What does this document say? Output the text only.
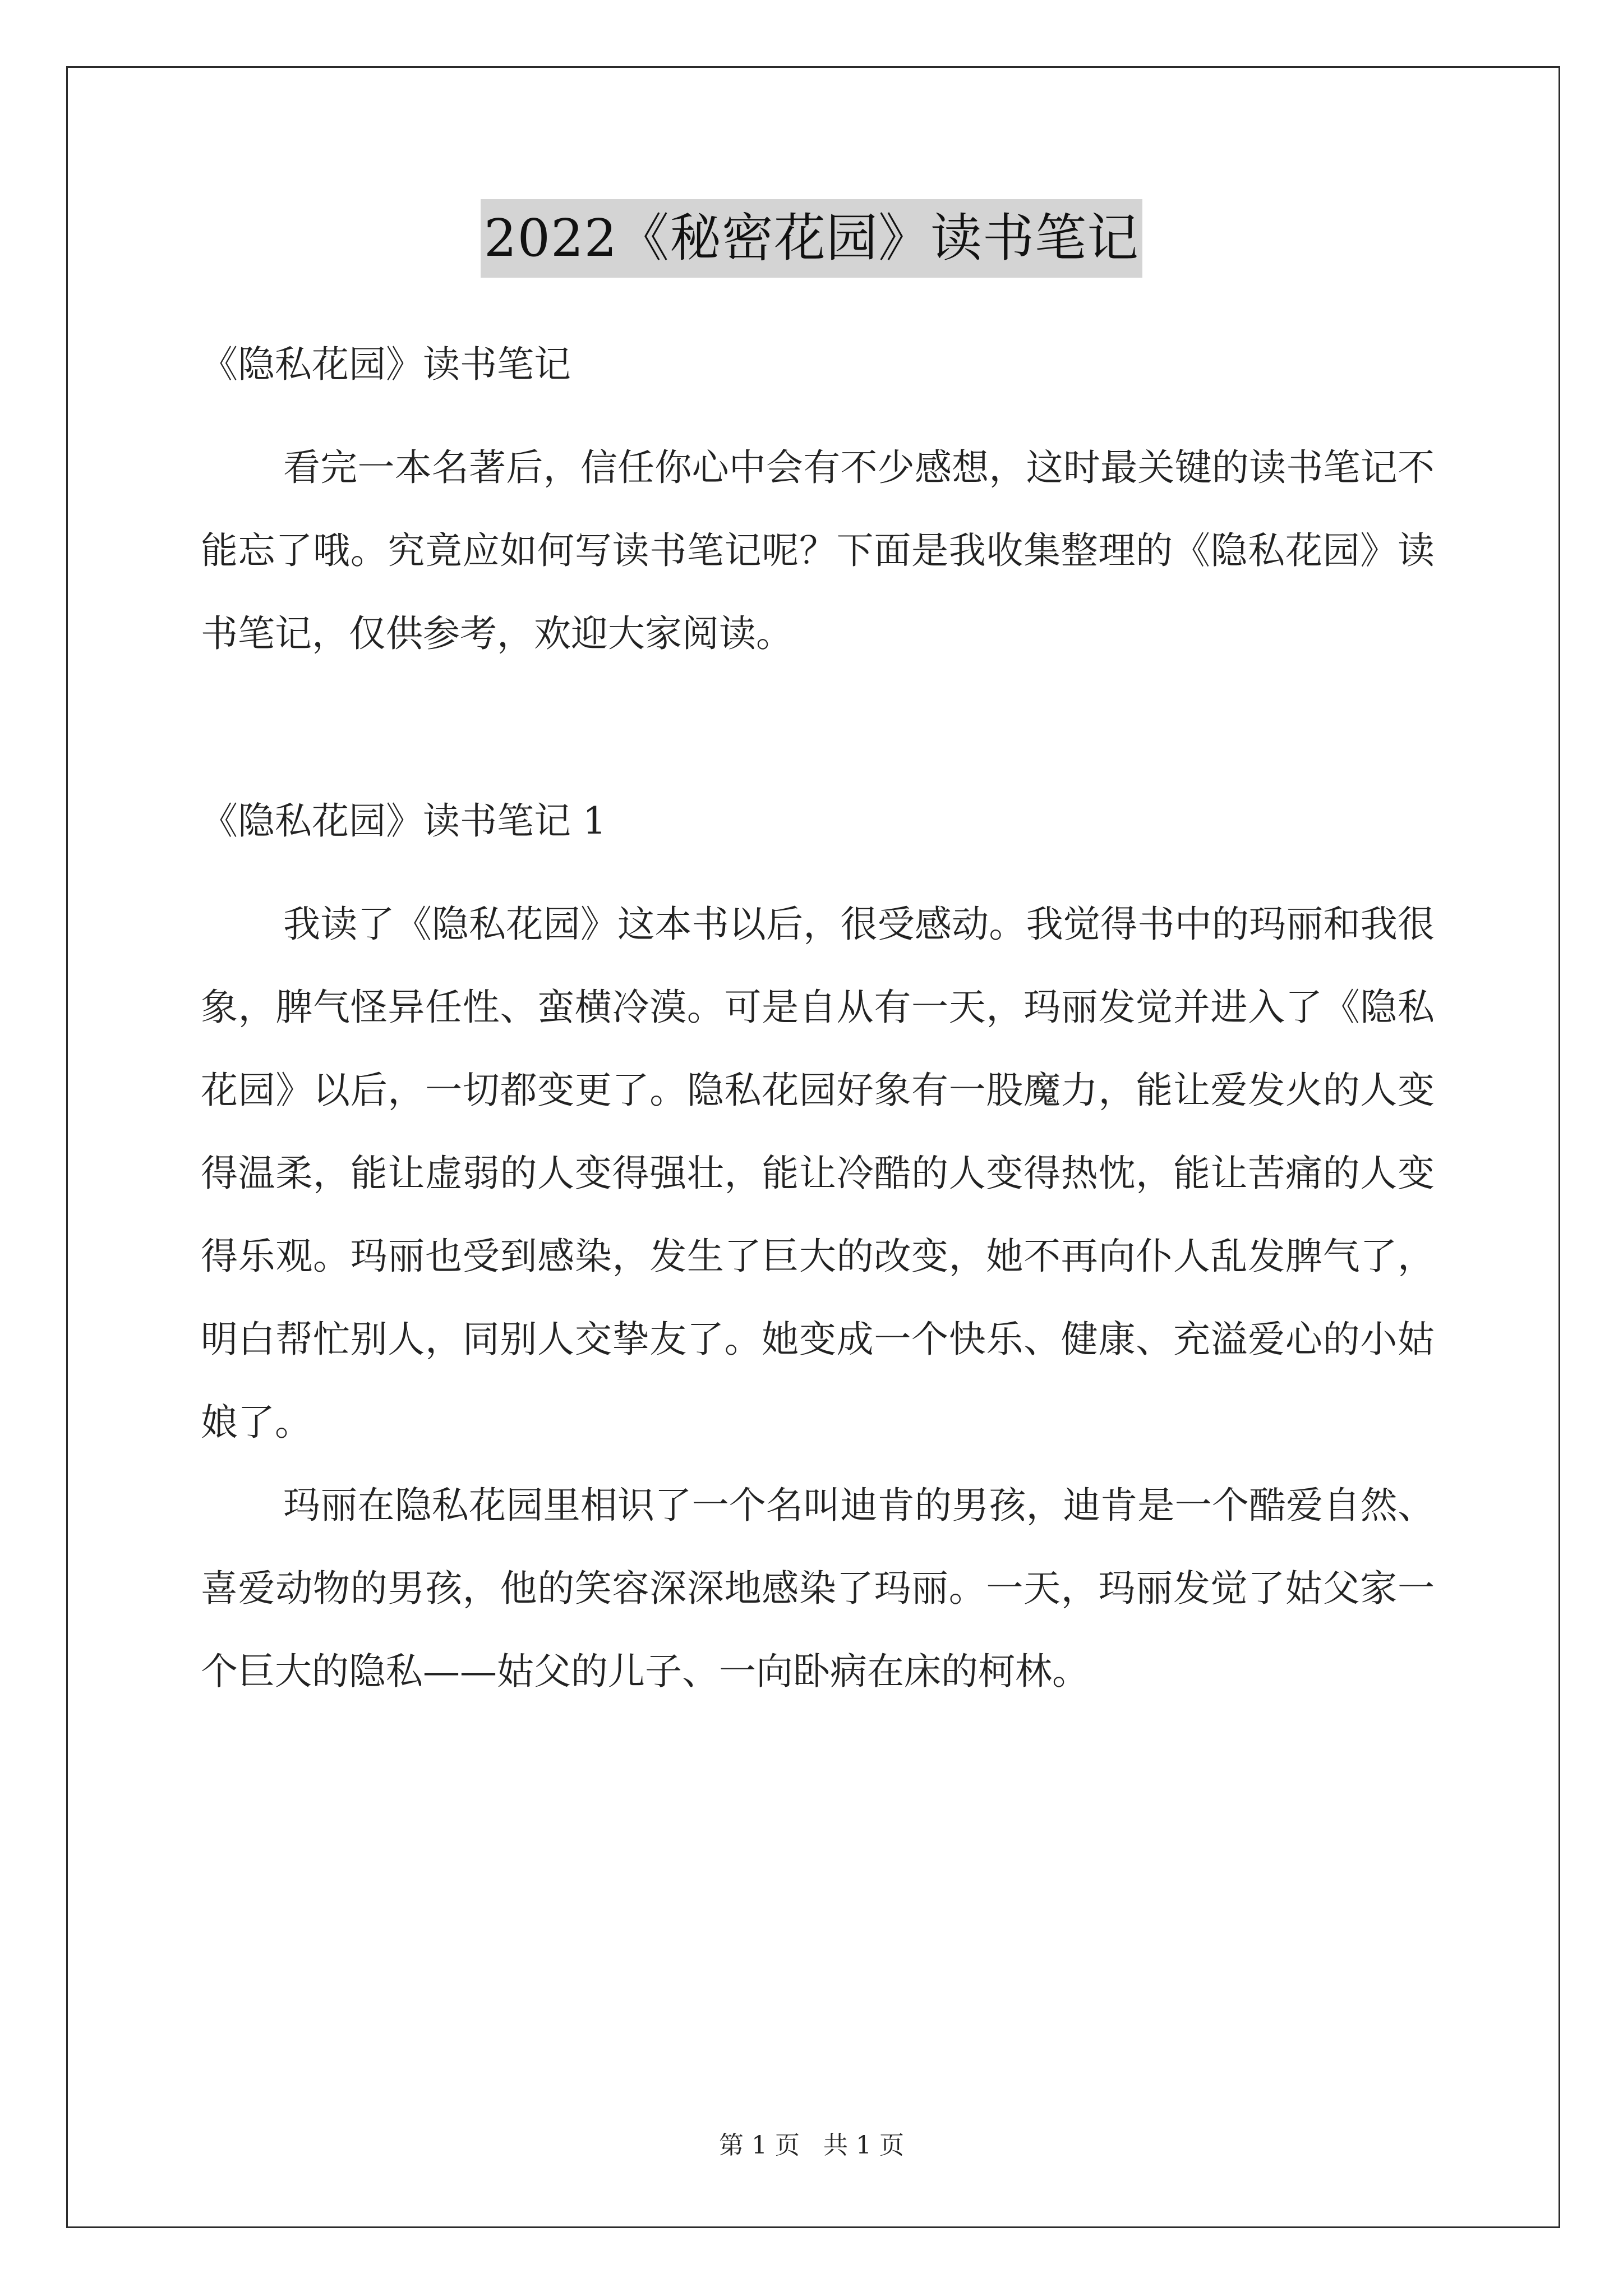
2022《秘密花园》读书笔记

《隐私花园》读书笔记

看完一本名著后，信任你心中会有不少感想，这时最关键的读书笔记不能忘了哦。究竟应如何写读书笔记呢？下面是我收集整理的《隐私花园》读书笔记，仅供参考，欢迎大家阅读。

《隐私花园》读书笔记 1

我读了《隐私花园》这本书以后，很受感动。我觉得书中的玛丽和我很象，脾气怪异任性、蛮横冷漠。可是自从有一天，玛丽发觉并进入了《隐私花园》以后，一切都变更了。隐私花园好象有一股魔力，能让爱发火的人变得温柔，能让虚弱的人变得强壮，能让冷酷的人变得热忱，能让苦痛的人变得乐观。玛丽也受到感染，发生了巨大的改变，她不再向仆人乱发脾气了，明白帮忙别人，同别人交挚友了。她变成一个快乐、健康、充溢爱心的小姑娘了。

玛丽在隐私花园里相识了一个名叫迪肯的男孩，迪肯是一个酷爱自然、喜爱动物的男孩，他的笑容深深地感染了玛丽。一天，玛丽发觉了姑父家一个巨大的隐私——姑父的儿子、一向卧病在床的柯林。

第 1 页 共 1 页
